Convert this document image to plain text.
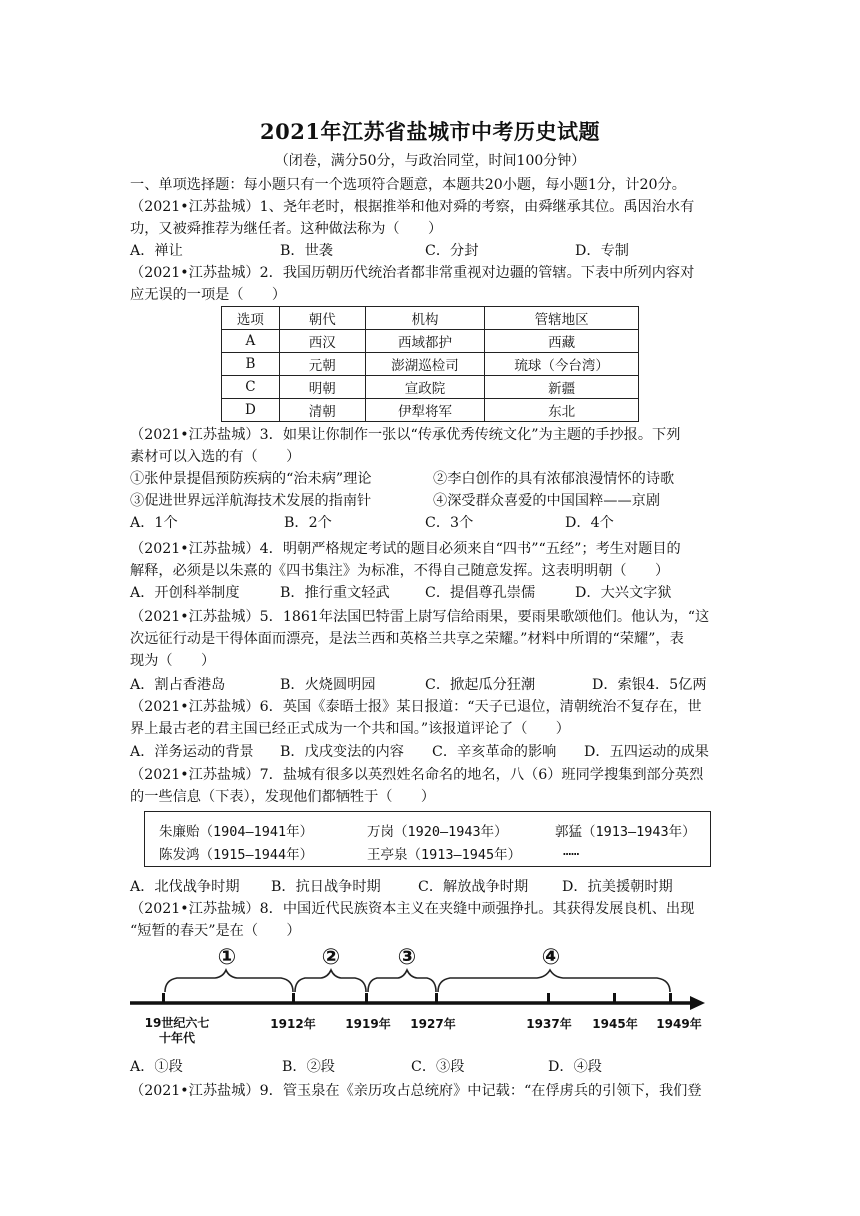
2021年江苏省盐城市中考历史试题
（闭卷，满分50分，与政治同堂，时间100分钟）
一、单项选择题：每小题只有一个选项符合题意，本题共20小题，每小题1分，计20分。
（2021•江苏盐城）1、尧年老时，根据推举和他对舜的考察，由舜继承其位。禹因治水有
功，又被舜推荐为继任者。这种做法称为（　　）
A．禅让	B．世袭	C．分封	D．专制
（2021•江苏盐城）2．我国历朝历代统治者都非常重视对边疆的管辖。下表中所列内容对
应无误的一项是（　　）
选项	朝代	机构	管辖地区
A	西汉	西域都护	西藏
B	元朝	澎湖巡检司	琉球（今台湾）
C	明朝	宣政院	新疆
D	清朝	伊犁将军	东北
（2021•江苏盐城）3．如果让你制作一张以“传承优秀传统文化”为主题的手抄报。下列
素材可以入选的有（　　）
①张仲景提倡预防疾病的“治未病”理论	②李白创作的具有浓郁浪漫情怀的诗歌
③促进世界远洋航海技术发展的指南针	④深受群众喜爱的中国国粹——京剧
A．1个	B．2个	C．3个	D．4个
（2021•江苏盐城）4．明朝严格规定考试的题目必须来自“四书”“五经”；考生对题目的
解释，必须是以朱熹的《四书集注》为标准，不得自己随意发挥。这表明明朝（　　）
A．开创科举制度	B．推行重文轻武 C．提倡尊孔崇儒	D．大兴文字狱
（2021•江苏盐城）5．1861年法国巴特雷上尉写信给雨果，要雨果歌颂他们。他认为，“这
次远征行动是干得体面而漂亮，是法兰西和英格兰共享之荣耀。”材料中所谓的“荣耀”，表
现为（　　）
A．割占香港岛	B．火烧圆明园	C．掀起瓜分狂潮	D．索银4．5亿两
（2021•江苏盐城）6．英国《泰晤士报》某日报道：“天子已退位，清朝统治不复存在，世
界上最古老的君主国已经正式成为一个共和国。”该报道评论了（　　）
A．洋务运动的背景 B．戊戌变法的内容 C．辛亥革命的影响 D．五四运动的成果
（2021•江苏盐城）7．盐城有很多以英烈姓名命名的地名，八（6）班同学搜集到部分英烈
的一些信息（下表），发现他们都牺牲于（　　）
朱廉贻（1904—1941年）	万岗（1920—1943年）	郭猛（1913—1943年）
陈发鸿（1915—1944年）	王亭泉（1913—1945年）	……
A．北伐战争时期 B．抗日战争时期	C．解放战争时期 D．抗美援朝时期
（2021•江苏盐城）8．中国近代民族资本主义在夹缝中顽强挣扎。其获得发展良机、出现
“短暂的春天”是在（　　）
①	②	③	④
19世纪六七
十年代
1912年 1919年 1927年	1937年 1945年 1949年
A．①段	B．②段	C．③段	D．④段
（2021•江苏盐城）9．管玉泉在《亲历攻占总统府》中记载：“在俘虏兵的引领下，我们登
